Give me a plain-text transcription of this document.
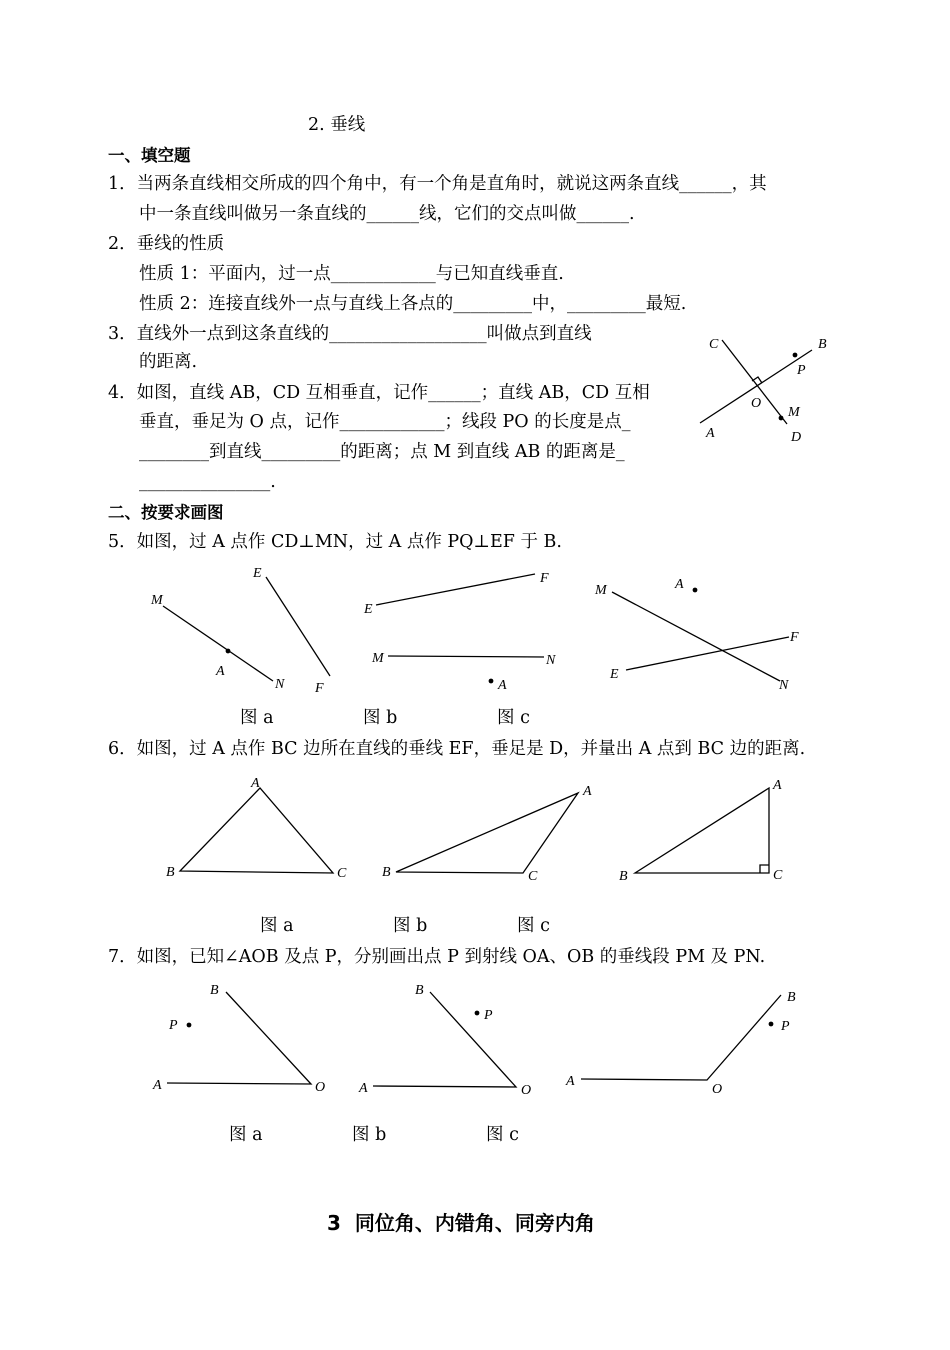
2. 垂线
一、填空题
1．当两条直线相交所成的四个角中，有一个角是直角时，就说这两条直线______，其
中一条直线叫做另一条直线的______线，它们的交点叫做______.
2．垂线的性质
性质 1：平面内，过一点____________与已知直线垂直.
性质 2：连接直线外一点与直线上各点的_________中，_________最短.
3．直线外一点到这条直线的__________________叫做点到直线
的距离.
4．如图，直线 AB，CD 互相垂直，记作______；直线 AB，CD 互相
垂直，垂足为 O 点，记作____________；线段 PO 的长度是点_
________到直线_________的距离；点 M 到直线 AB 的距离是_
_______________.
C	B
P
O
M
A	D
二、按要求画图
5．如图，过 A 点作 CD⊥MN，过 A 点作 PQ⊥EF 于 B.
M
E
A
N F
E
F
M	N
A
M	A
F
E
N
图 a	图 b	图 c
6．如图，过 A 点作 BC 边所在直线的垂线 EF，垂足是 D，并量出 A 点到 BC 边的距离.
A
B	C
A
B	C
A
B	C
图 a	图 b	图 c
7．如图，已知∠AOB 及点 P，分别画出点 P 到射线 OA、OB 的垂线段 PM 及 PN.
B
P
A	O
B
P
A	O
B
P
A
O
图 a	图 b	图 c
3  同位角、内错角、同旁内角
